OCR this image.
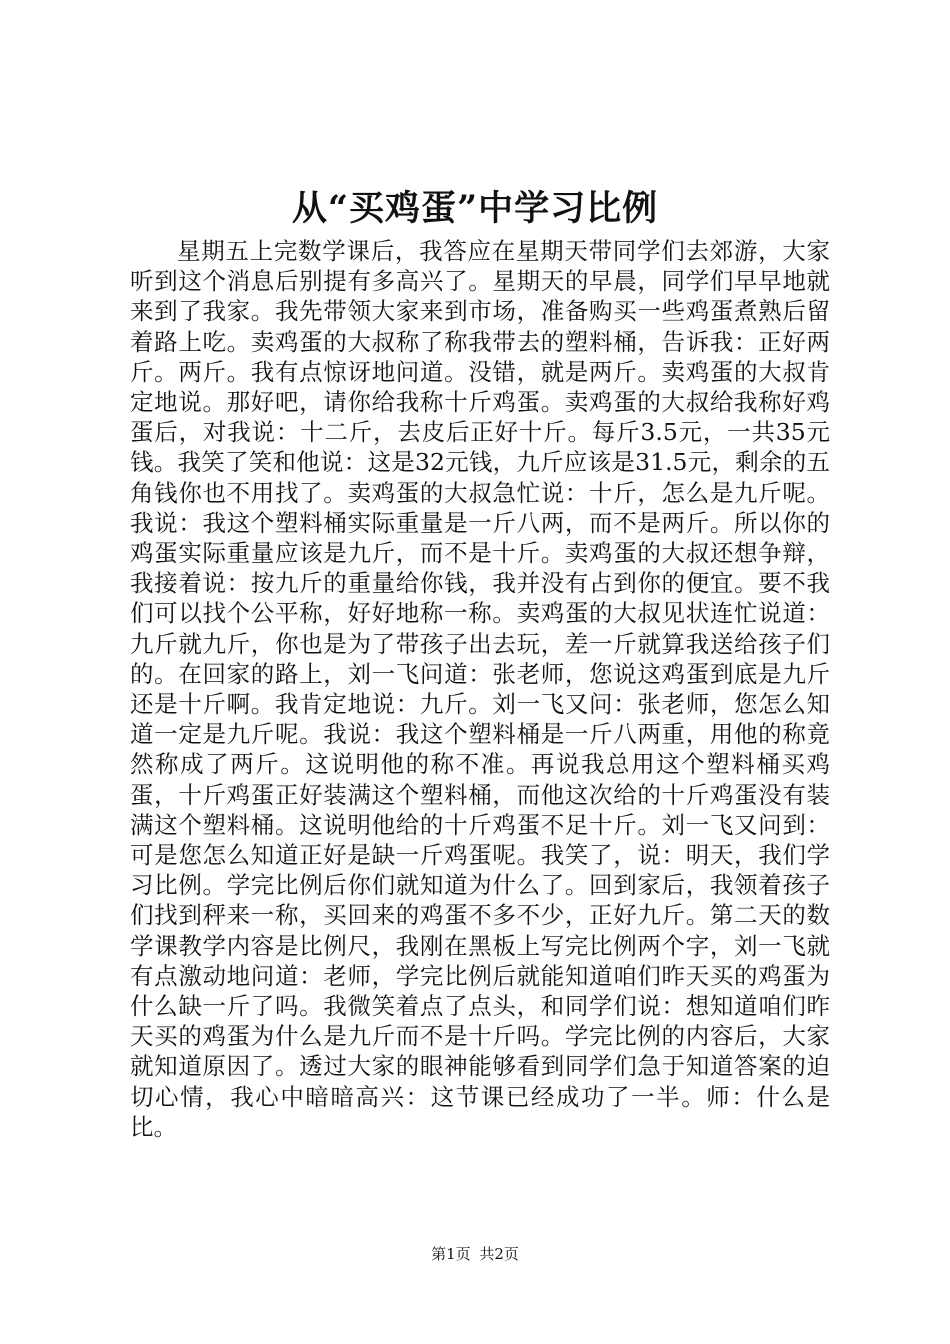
从“买鸡蛋”中学习比例

星期五上完数学课后，我答应在星期天带同学们去郊游，大家听到这个消息后别提有多高兴了。星期天的早晨，同学们早早地就来到了我家。我先带领大家来到市场，准备购买一些鸡蛋煮熟后留着路上吃。卖鸡蛋的大叔称了称我带去的塑料桶，告诉我：正好两斤。两斤。我有点惊讶地问道。没错，就是两斤。卖鸡蛋的大叔肯定地说。那好吧，请你给我称十斤鸡蛋。卖鸡蛋的大叔给我称好鸡蛋后，对我说：十二斤，去皮后正好十斤。每斤3.5元，一共35元钱。我笑了笑和他说：这是32元钱，九斤应该是31.5元，剩余的五角钱你也不用找了。卖鸡蛋的大叔急忙说：十斤，怎么是九斤呢。我说：我这个塑料桶实际重量是一斤八两，而不是两斤。所以你的鸡蛋实际重量应该是九斤，而不是十斤。卖鸡蛋的大叔还想争辩，我接着说：按九斤的重量给你钱，我并没有占到你的便宜。要不我们可以找个公平称，好好地称一称。卖鸡蛋的大叔见状连忙说道：九斤就九斤，你也是为了带孩子出去玩，差一斤就算我送给孩子们的。在回家的路上，刘一飞问道：张老师，您说这鸡蛋到底是九斤还是十斤啊。我肯定地说：九斤。刘一飞又问：张老师，您怎么知道一定是九斤呢。我说：我这个塑料桶是一斤八两重，用他的称竟然称成了两斤。这说明他的称不准。再说我总用这个塑料桶买鸡蛋，十斤鸡蛋正好装满这个塑料桶，而他这次给的十斤鸡蛋没有装满这个塑料桶。这说明他给的十斤鸡蛋不足十斤。刘一飞又问到：可是您怎么知道正好是缺一斤鸡蛋呢。我笑了，说：明天，我们学习比例。学完比例后你们就知道为什么了。回到家后，我领着孩子们找到秤来一称，买回来的鸡蛋不多不少，正好九斤。第二天的数学课教学内容是比例尺，我刚在黑板上写完比例两个字，刘一飞就有点激动地问道：老师，学完比例后就能知道咱们昨天买的鸡蛋为什么缺一斤了吗。我微笑着点了点头，和同学们说：想知道咱们昨天买的鸡蛋为什么是九斤而不是十斤吗。学完比例的内容后，大家就知道原因了。透过大家的眼神能够看到同学们急于知道答案的迫切心情，我心中暗暗高兴：这节课已经成功了一半。师：什么是比。

第1页 共2页
